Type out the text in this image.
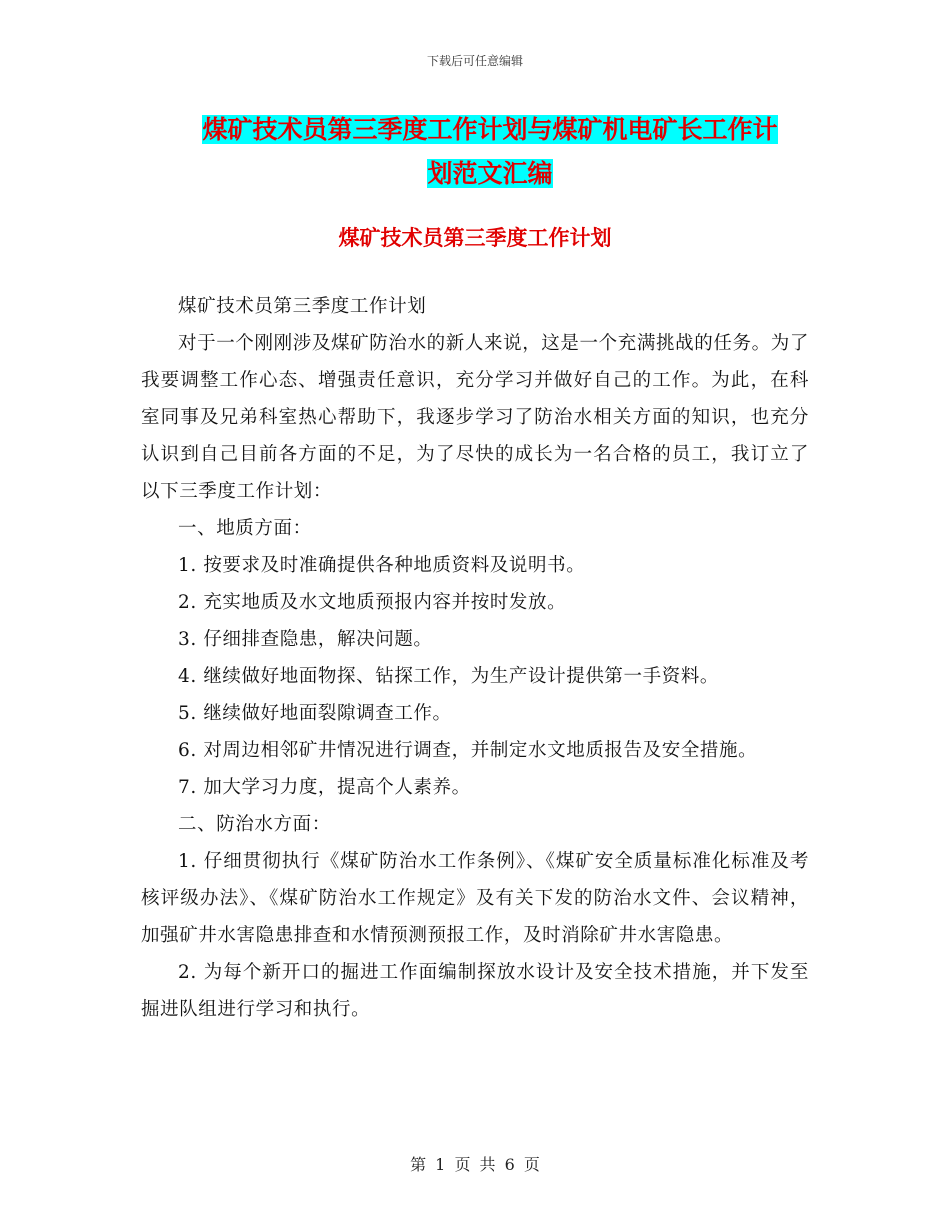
下载后可任意编辑
煤矿技术员第三季度工作计划与煤矿机电矿长工作计
划范文汇编
煤矿技术员第三季度工作计划

煤矿技术员第三季度工作计划

对于一个刚刚涉及煤矿防治水的新人来说，这是一个充满挑战的任务。为了我要调整工作心态、增强责任意识，充分学习并做好自己的工作。为此，在科室同事及兄弟科室热心帮助下，我逐步学习了防治水相关方面的知识，也充分认识到自己目前各方面的不足，为了尽快的成长为一名合格的员工，我订立了以下三季度工作计划：

一、地质方面：

1. 按要求及时准确提供各种地质资料及说明书。

2. 充实地质及水文地质预报内容并按时发放。

3. 仔细排查隐患，解决问题。

4. 继续做好地面物探、钻探工作，为生产设计提供第一手资料。

5. 继续做好地面裂隙调查工作。

6. 对周边相邻矿井情况进行调查，并制定水文地质报告及安全措施。

7. 加大学习力度，提高个人素养。

二、防治水方面：

1. 仔细贯彻执行《煤矿防治水工作条例》、《煤矿安全质量标准化标准及考核评级办法》、《煤矿防治水工作规定》及有关下发的防治水文件、会议精神，加强矿井水害隐患排查和水情预测预报工作，及时消除矿井水害隐患。

2. 为每个新开口的掘进工作面编制探放水设计及安全技术措施，并下发至掘进队组进行学习和执行。

第 1 页 共 6 页
